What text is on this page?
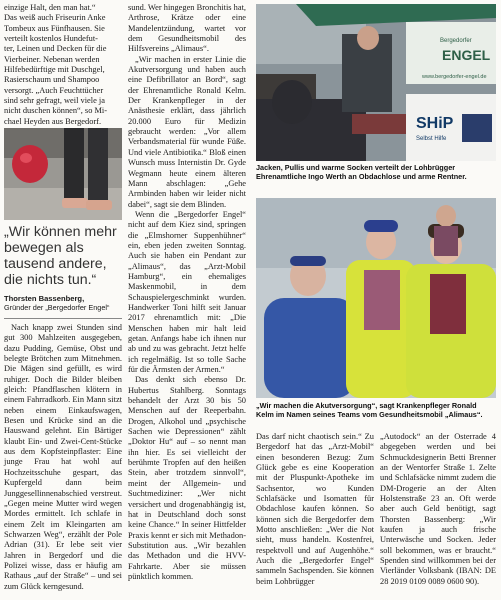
einzige Halt, den man hat.“
Das weiß auch Friseurin Anke
Tombeux aus Fünfhausen. Sie
verteilt kostenlos Hundefut-
ter, Leinen und Decken für die
Vierbeiner. Nebenan werden
Hilfebedürftige mit Duschgel,
Rasierschaum und Shampoo
versorgt. „Auch Feuchttücher
sind sehr gefragt, weil viele ja
nicht duschen können“, so Mi-
chael Heyden aus Bergedorf.
„Wir können mehr bewegen als tausend andere, die nichts tun.“
Thorsten Bassenberg,
Gründer der „Bergedorfer Engel“

Nach knapp zwei Stunden sind gut 300 Mahlzeiten ausgegeben, dazu Pudding, Gemüse, Obst und belegte Brötchen zum Mitnehmen. Die Mägen sind gefüllt, es wird ruhiger. Doch die Bilder bleiben gleich: Pfandflaschen klötern in einem Fahrradkorb. Ein Mann sitzt neben einem Einkaufswagen, Besen und Krücke sind an die Hauswand gelehnt. Ein Bärtiger klaubt Ein- und Zwei-Cent-Stücke aus dem Kopfsteinpflaster: Eine junge Frau hat wohl auf Hochzeitsschuhe gespart, das Kupfergeld dann beim Junggesellinnenabschied verstreut. „Gegen meine Mutter wird wegen Mordes ermittelt. Ich schlafe in einem Zelt im Kleingarten am Schwarzen Weg“, erzählt der Pole Adrian (31). Er lebe seit vier Jahren in Bergedorf und die Polizei wisse, dass er häufig am Rathaus „auf der Straße“ – und sei zum Glück kerngesund.

sund. Wer hingegen Bronchitis hat, Arthrose, Krätze oder eine Mandelentzündung, wartet vor dem Gesundheitsmobil des Hilfsvereins „Alimaus“.

„Wir machen in erster Linie die Akutversorgung und haben auch eine Defibrillator an Bord“, sagt der Ehrenamtliche Ronald Kelm. Der Krankenpfleger in der Anästhesie erklärt, dass jährlich 20.000 Euro für Medizin gebraucht werden: „Vor allem Verbandsmaterial für wunde Füße. Und viele Antibiotika.“ Bloß einen Wunsch muss Internistin Dr. Gyde Wegmann heute einem älteren Mann abschlagen: „Gehe Armbinden haben wir leider nicht dabei“, sagt sie dem Blinden.

Wenn die „Bergedorfer Engel“ nicht auf dem Kiez sind, springen die „Elmshorner Suppenhühner“ ein, eben jeden zweiten Sonntag. Auch sie haben ein Pendant zur „Alimaus“, das „Arzt-Mobil Hamburg“, ein ehemaliges Maskenmobil, in dem Schauspielergeschminkt wurden. Handwerker Toni hilft seit Januar 2017 ehrenamtlich mit: „Die Menschen haben mir halt leid getan. Anfangs habe ich ihnen nur ab und zu was gebracht. Jetzt helfe ich regelmäßig. Ist so tolle Sache für die Ärmsten der Armen.“

Das denkt sich ebenso Dr. Hubertus Stahlberg. Sonntags behandelt der Arzt 30 bis 50 Menschen auf der Reeperbahn. Drogen, Alkohol und „psychische Sachen wie Depressionen“ zählt „Doktor Hu“ auf – so nennt man ihn hier. Es sei vielleicht der berühmte Tropfen auf den heißen Stein, aber trotzdem sinnvoll“, meint der Allgemein- und Suchtmediziner: „Wer nicht versichert und drogenabhängig ist, hat in Deutschland doch sonst keine Chance.“ In seiner Hittfelder Praxis kennt er sich mit Methadon-Substitution aus. „Wir bezahlen das Methadon und die HVV-Fahrkarte. Aber sie müssen pünktlich kommen.

Bergedorfer
ENGEL
www.bergedorfer-engel.de
SHiP
Selbst Hilfe
Jacken, Pullis und warme Socken verteilt der Lohbrügger Ehrenamtliche Ingo Werth an Obdachlose und arme Rentner.
„Wir machen die Akutversorgung“, sagt Krankenpfleger Ronald Kelm im Namen seines Teams vom Gesundheitsmobil „Alimaus“.

Das darf nicht chaotisch sein.“ Zu Bergedorf hat das „Arzt-Mobil“ einen besonderen Bezug: Zum Glück gebe es eine Kooperation mit der Pluspunkt-Apotheke im Sachsentor, wo Kunden Schlafsäcke und Isomatten für Obdachlose kaufen können. So können sich die Bergedorfer dem Motto anschließen: „Wer die Not sieht, muss handeln. Kostenfrei, respektvoll und auf Augenhöhe.“ Auch die „Bergedorfer Engel“ sammeln Sachspenden. Sie können beim Lohbrügger

„Autodock“ an der Osterrade 4 abgegeben werden und bei Schmuckdesignerin Betti Brenner an der Wentorfer Straße 1. Zelte und Schlafsäcke nimmt zudem die DM-Drogerie an der Alten Holstenstraße 23 an. Oft werde aber auch Geld benötigt, sagt Thorsten Bassenberg: „Wir kaufen ja auch frische Unterwäsche und Socken. Jeder soll bekommen, was er braucht.“ Spenden sind willkommen bei der Vierländer Volksbank (IBAN: DE 28 2019 0109 0089 0600 90).
